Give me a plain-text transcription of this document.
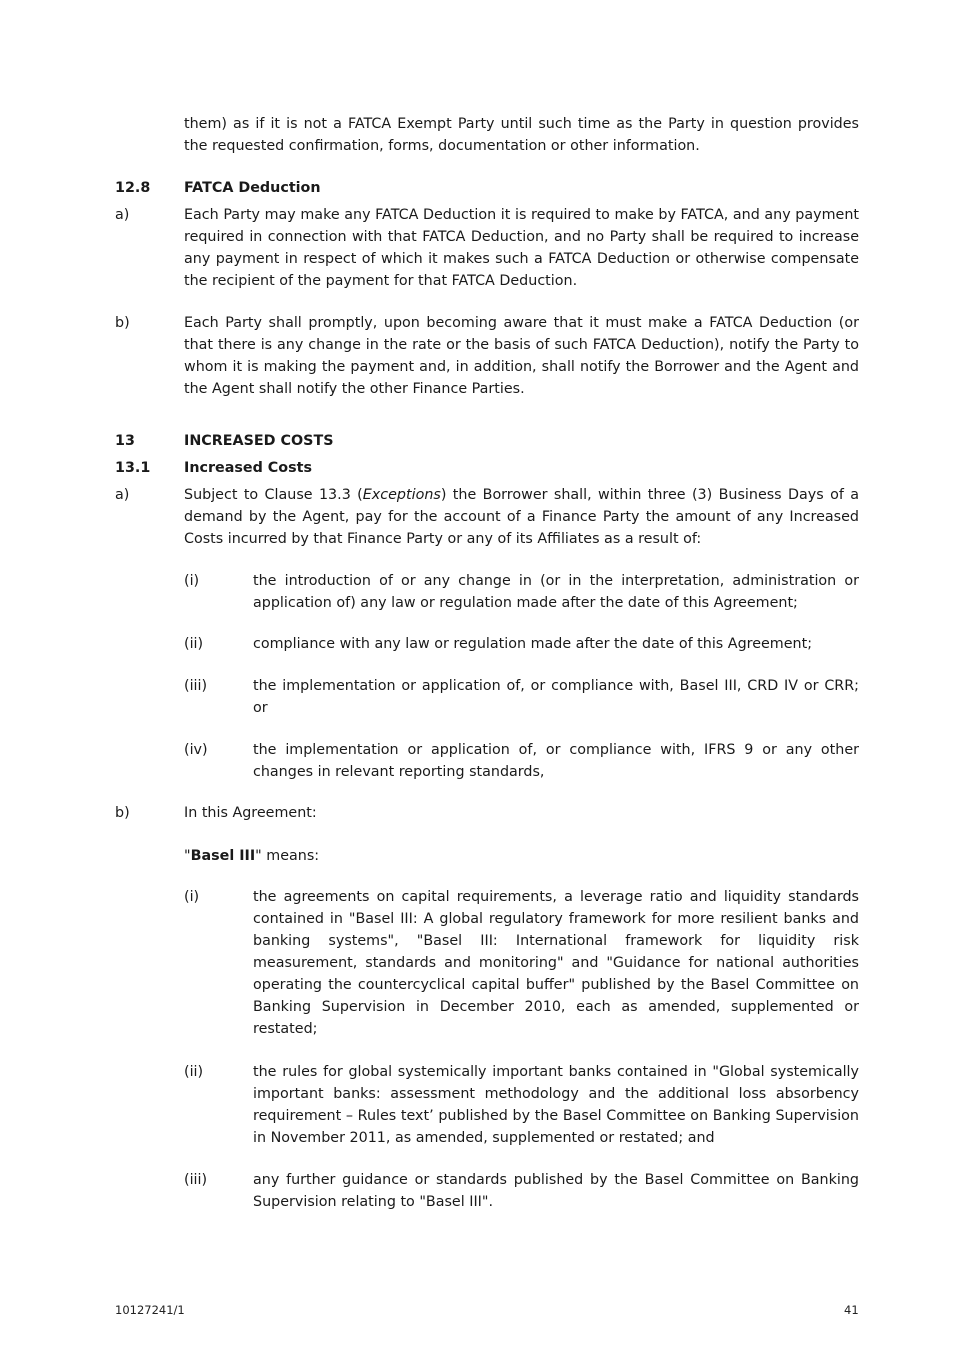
them) as if it is not a FATCA Exempt Party until such time as the Party in question provides the requested confirmation, forms, documentation or other information.

12.8 FATCA Deduction

a)	Each Party may make any FATCA Deduction it is required to make by FATCA, and any payment required in connection with that FATCA Deduction, and no Party shall be required to increase any payment in respect of which it makes such a FATCA Deduction or otherwise compensate the recipient of the payment for that FATCA Deduction.

b)	Each Party shall promptly, upon becoming aware that it must make a FATCA Deduction (or that there is any change in the rate or the basis of such FATCA Deduction), notify the Party to whom it is making the payment and, in addition, shall notify the Borrower and the Agent and the Agent shall notify the other Finance Parties.

13	INCREASED COSTS

13.1 Increased Costs

a)	Subject to Clause 13.3 (Exceptions) the Borrower shall, within three (3) Business Days of a demand by the Agent, pay for the account of a Finance Party the amount of any Increased Costs incurred by that Finance Party or any of its Affiliates as a result of:

(i)	the introduction of or any change in (or in the interpretation, administration or application of) any law or regulation made after the date of this Agreement;

(ii)	compliance with any law or regulation made after the date of this Agreement;

(iii)	the implementation or application of, or compliance with, Basel III, CRD IV or CRR; or

(iv)	the implementation or application of, or compliance with, IFRS 9 or any other changes in relevant reporting standards,

b)	In this Agreement:

"Basel III" means:

(i)	the agreements on capital requirements, a leverage ratio and liquidity standards contained in "Basel III: A global regulatory framework for more resilient banks and banking systems", "Basel III: International framework for liquidity risk measurement, standards and monitoring" and "Guidance for national authorities operating the countercyclical capital buffer" published by the Basel Committee on Banking Supervision in December 2010, each as amended, supplemented or restated;

(ii)	the rules for global systemically important banks contained in "Global systemically important banks: assessment methodology and the additional loss absorbency requirement – Rules text’ published by the Basel Committee on Banking Supervision in November 2011, as amended, supplemented or restated; and

(iii)	any further guidance or standards published by the Basel Committee on Banking Supervision relating to "Basel III".

10127241/1	41
